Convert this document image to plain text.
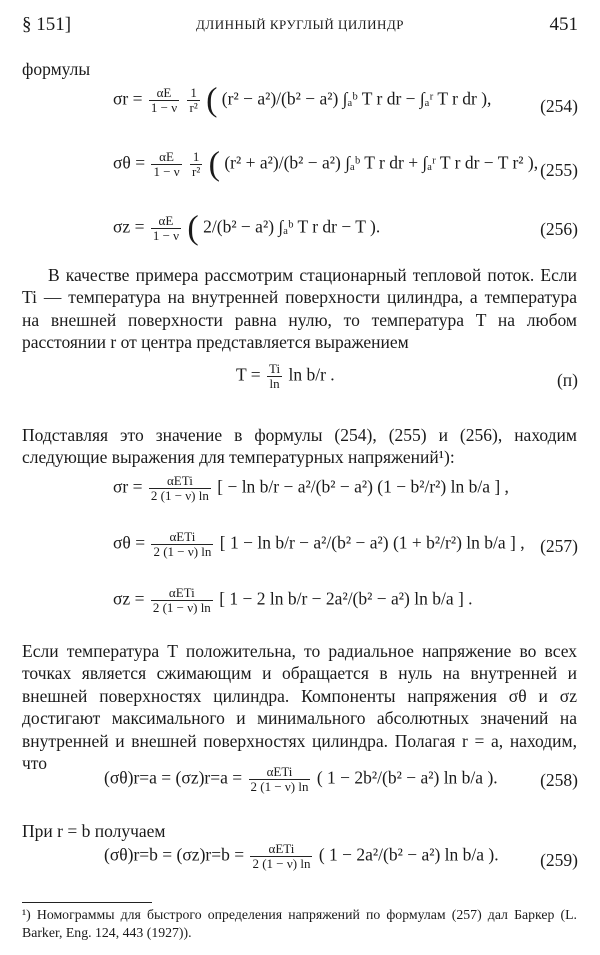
§ 151]	ДЛИННЫЙ КРУГЛЫЙ ЦИЛИНДР	451
формулы
$\sigma r = \frac{\alpha E}{1 - \nu}$
$\frac{1}{\text{r²}}$ ( (r² − a²)/(b² − a²) ∫ₐᵇ T r dr − ∫ₐʳ T r dr ),	(254)
$\sigma\theta = \frac{\alpha E}{1 - \nu}$
$\frac{1}{\text{r²}}$ ( (r² + a²)/(b² − a²) ∫ₐᵇ T r dr + ∫ₐʳ T r dr − T r² ), (255)
$\sigma z = \frac{\alpha E}{1 - \nu}$ ( 2/(b² − a²) ∫ₐᵇ T r dr − T ).	(256)
В качестве примера рассмотрим стационарный тепловой поток. Если Ti — температура на внутренней поверхности цилиндра, а температура на внешней поверхности равна нулю, то температура T на любом расстоянии r от центра представляется выражением
$T = \frac{Ti}{\ln}$ ln b/r .	(п)
Подставляя это значение в формулы (254), (255) и (256), находим следующие выражения для температурных напряжений¹):
$\sigma r = \frac{\text{αETi}}{2 (1 - \nu) \ln}$ [ − ln b/r − a²/(b² − a²) (1 − b²/r²) ln b/a ] ,
$\sigma\theta = \frac{\text{αETi}}{2 (1 - \nu) \ln}$ [ 1 − ln b/r − a²/(b² − a²) (1 + b²/r²) ln b/a ] , (257)
$\sigma z = \frac{\text{αETi}}{2 (1 - \nu) \ln}$ [ 1 − 2 ln b/r − 2a²/(b² − a²) ln b/a ] .
Если температура T положительна, то радиальное напряжение во всех точках является сжимающим и обращается в нуль на внутренней и внешней поверхностях цилиндра. Компоненты напряжения σθ и σz достигают максимального и минимального абсолютных значений на внутренней и внешней поверхностях цилиндра. Полагая r = a, находим, что
$(\sigma\theta)r=a = (\sigma z)r=a = \frac{\text{αETi}}{2 (1 - \nu) \ln}$ ( 1 − 2b²/(b² − a²) ln b/a ). (258)
При r = b получаем
$(\sigma\theta)r=b = (\sigma z)r=b = \frac{\text{αETi}}{2 (1 - \nu) \ln}$ ( 1 − 2a²/(b² − a²) ln b/a ). (259)
¹) Номограммы для быстрого определения напряжений по формулам (257) дал Баркер (L. Barker, Eng. 124, 443 (1927)).
